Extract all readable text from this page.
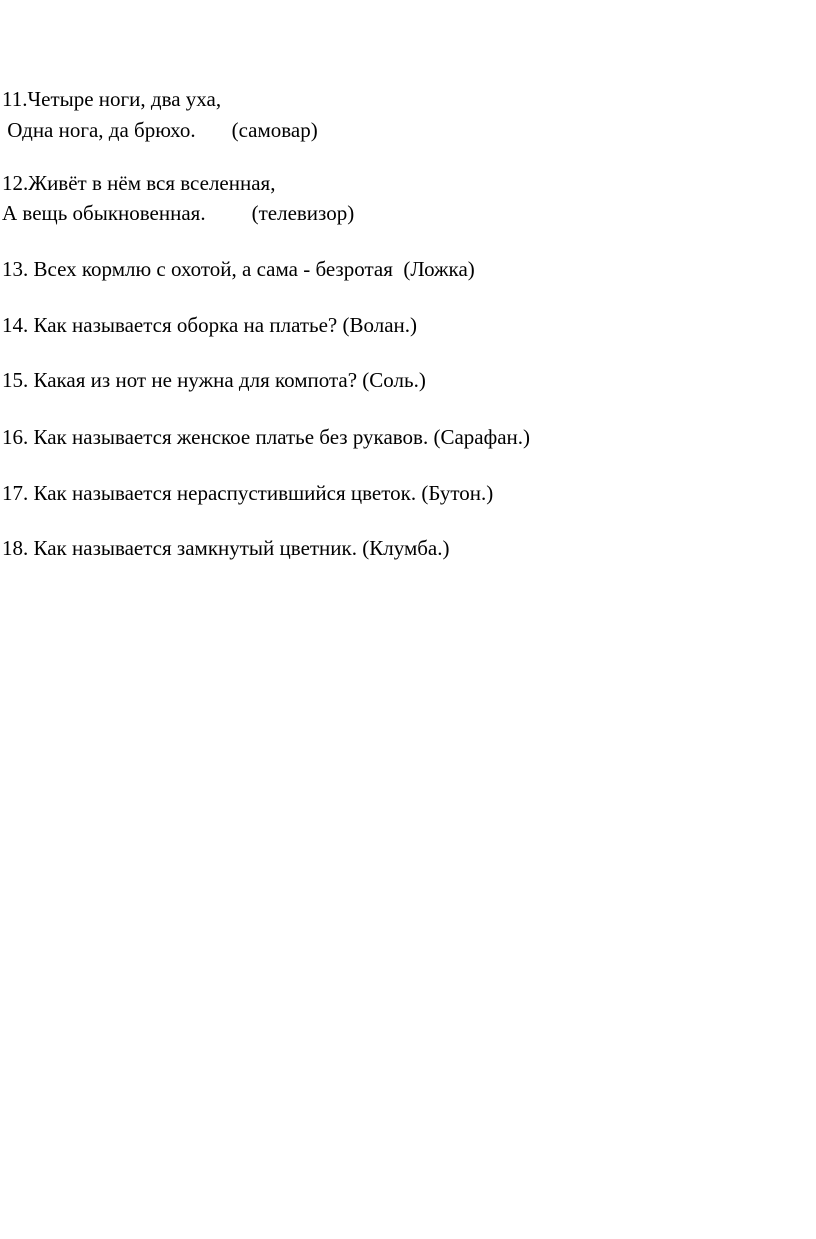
11.Четыре ноги, два уха,
Одна нога, да брюхо. (самовар)
12.Живёт в нём вся вселенная,
А вещь обыкновенная. (телевизор)
13. Всех кормлю с охотой, а сама - безротая  (Ложка)
14. Как называется оборка на платье? (Волан.)
15. Какая из нот не нужна для компота? (Соль.)
16. Как называется женское платье без рукавов. (Сарафан.)
17. Как называется нераспустившийся цветок. (Бутон.)
18. Как называется замкнутый цветник. (Клумба.)
